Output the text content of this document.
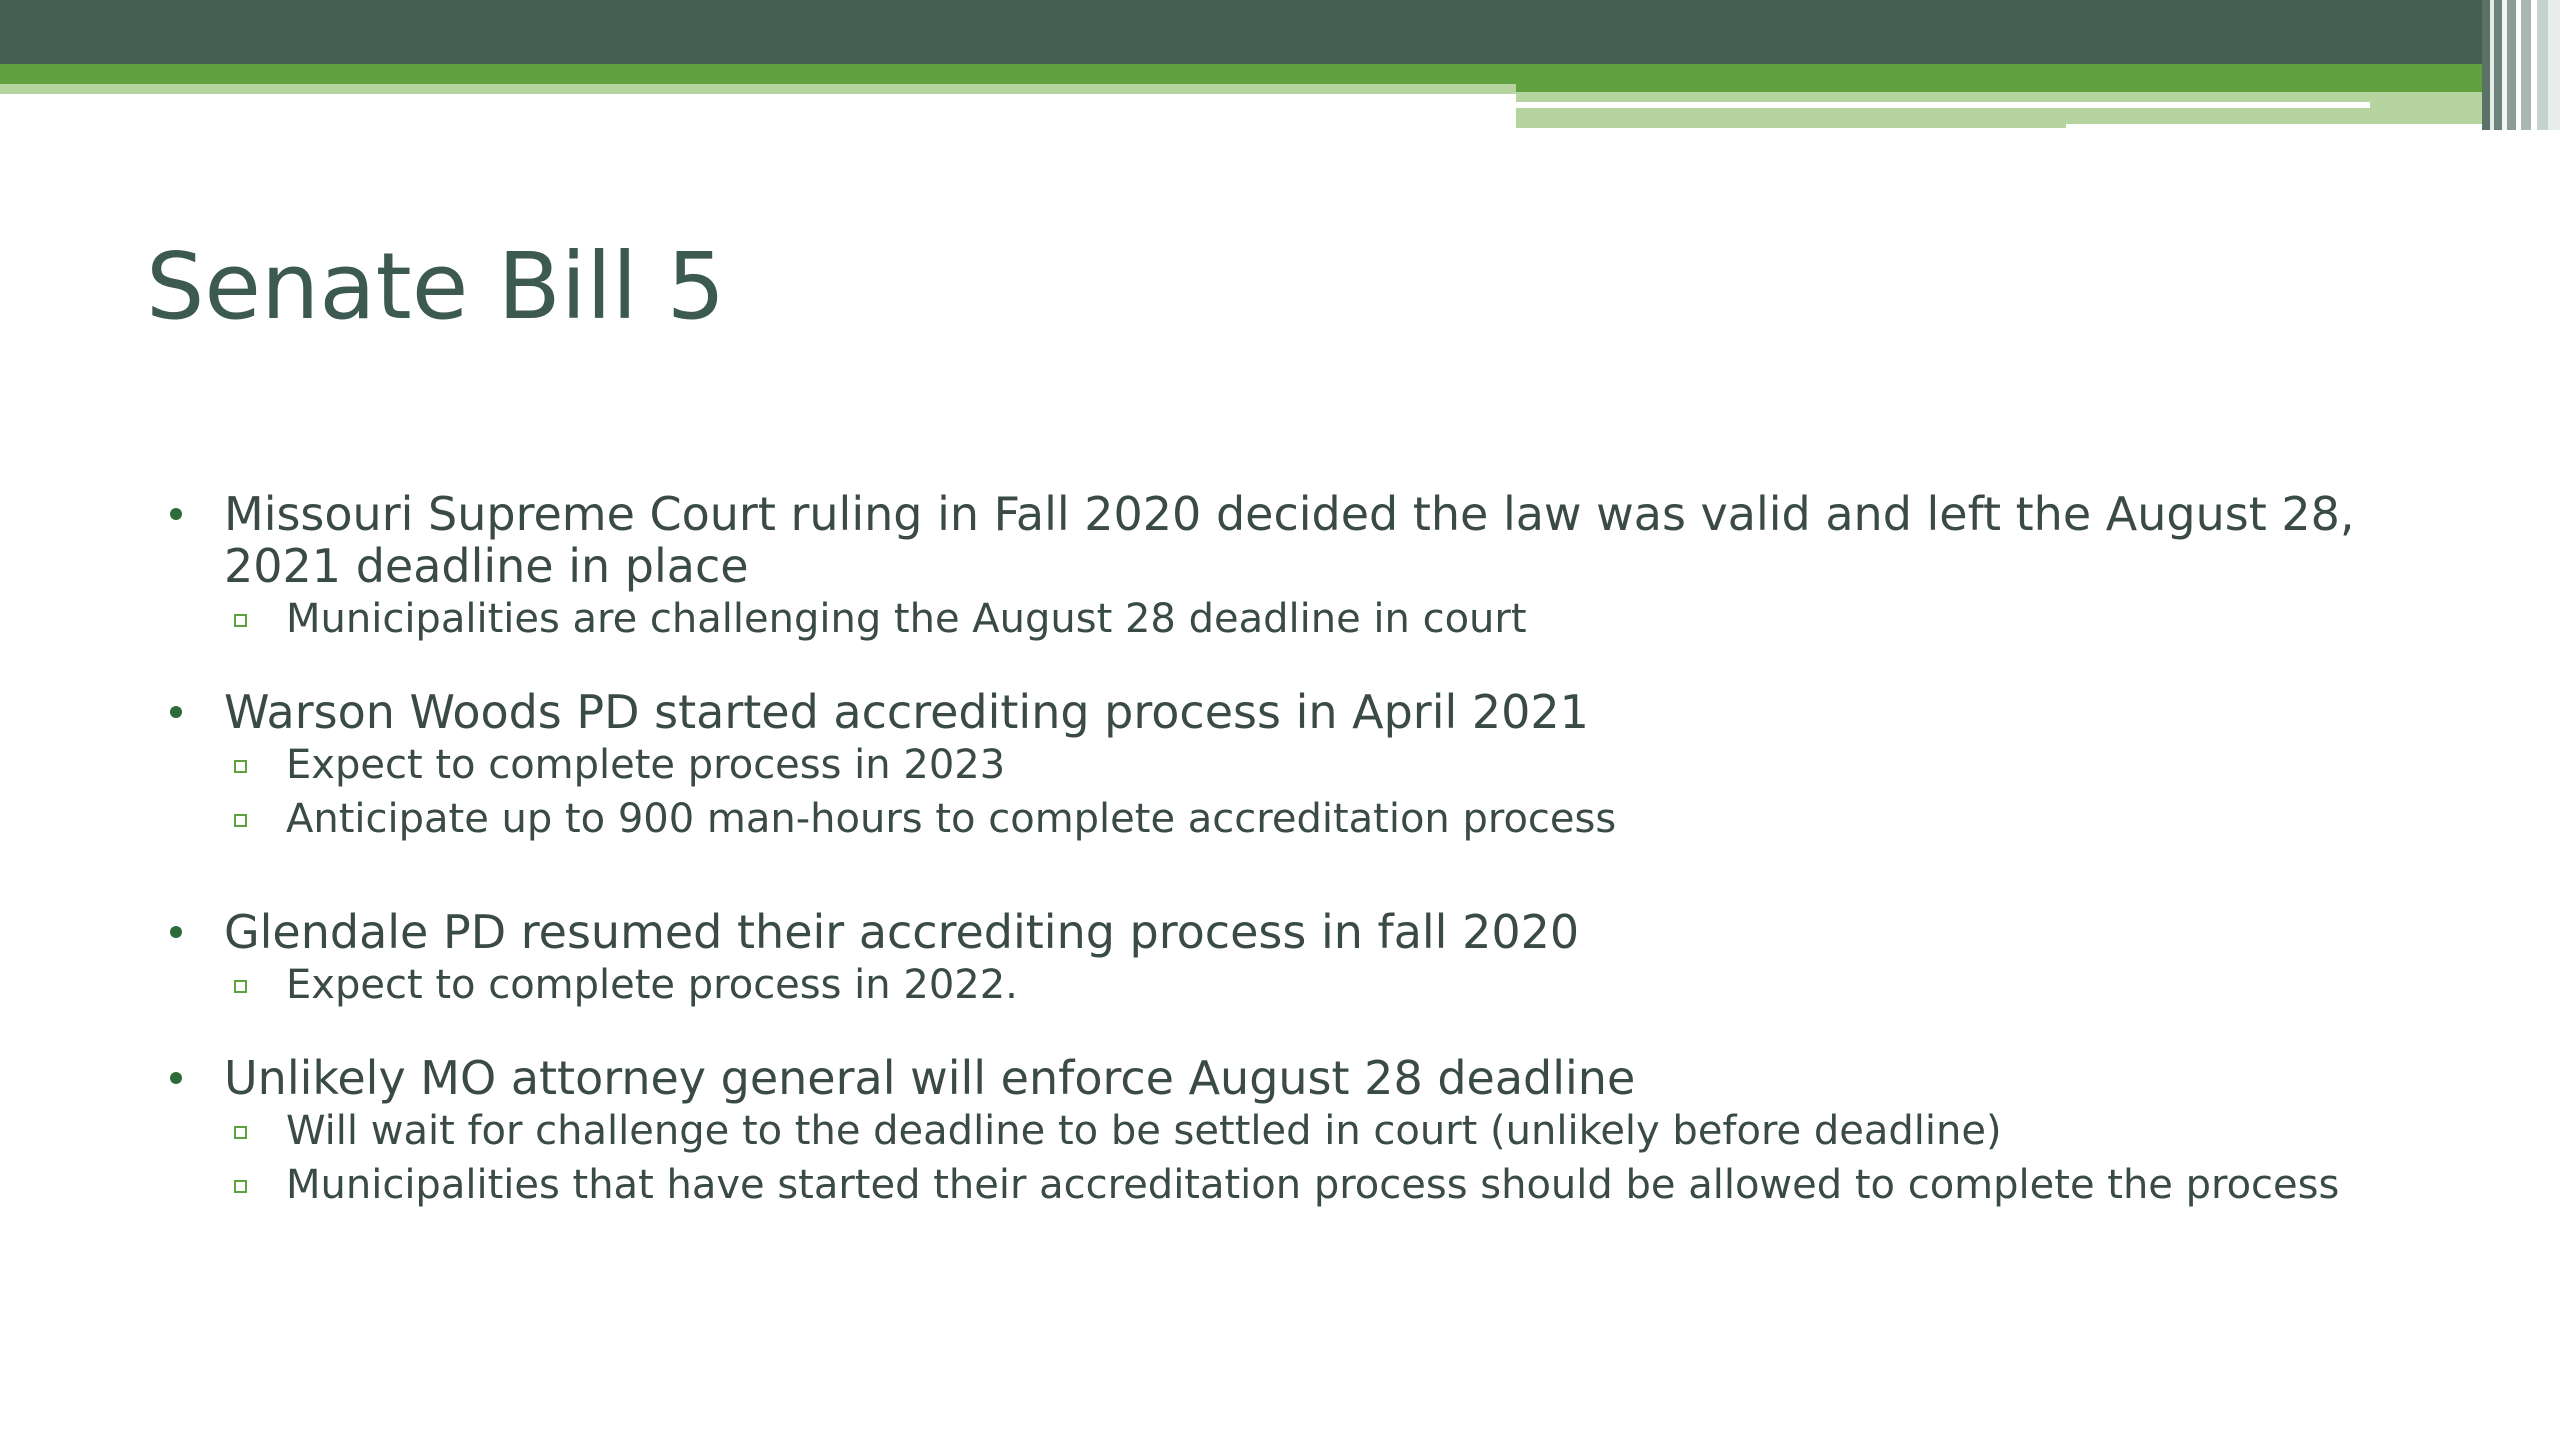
Senate Bill 5
Missouri Supreme Court ruling in Fall 2020 decided the law was valid and left the August 28, 2021 deadline in place
Municipalities are challenging the August 28 deadline in court
Warson Woods PD started accrediting process in April 2021
Expect to complete process in 2023
Anticipate up to 900 man-hours to complete accreditation process
Glendale PD resumed their accrediting process in fall 2020
Expect to complete process in 2022.
Unlikely MO attorney general will enforce August 28 deadline
Will wait for challenge to the deadline to be settled in court (unlikely before deadline)
Municipalities that have started their accreditation process should be allowed to complete the process
